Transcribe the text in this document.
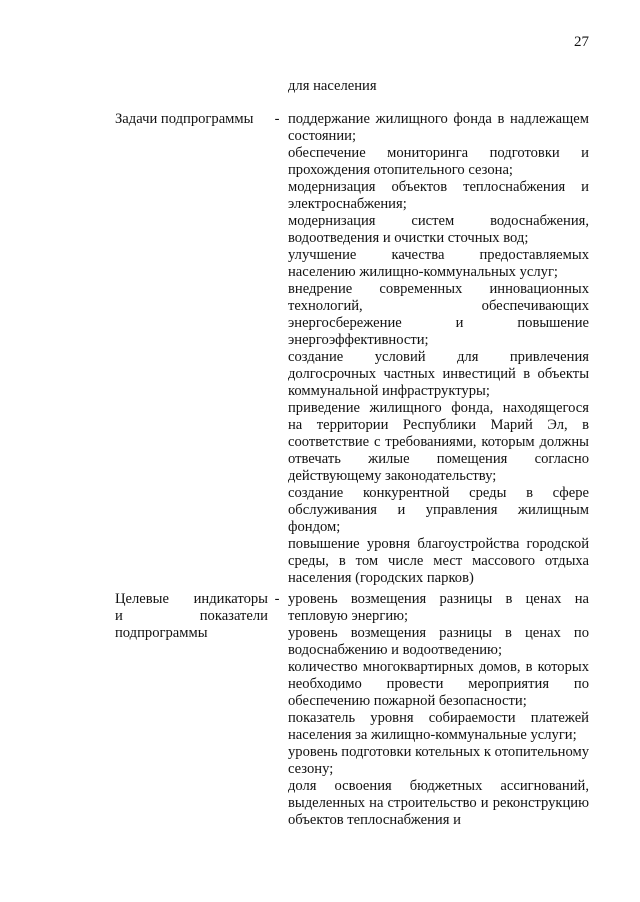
27
для населения
Задачи подпрограммы	- поддержание жилищного фонда в надлежащем состоянии;

обеспечение мониторинга подготовки и прохождения отопительного сезона;

модернизация объектов теплоснабжения и электроснабжения;

модернизация систем водоснабжения, водоотведения и очистки сточных вод;

улучшение качества предоставляемых населению жилищно-коммунальных услуг;

внедрение современных инновационных технологий, обеспечивающих энергосбережение и повышение энергоэффективности;

создание условий для привлечения долгосрочных частных инвестиций в объекты коммунальной инфраструктуры;

приведение жилищного фонда, находящегося на территории Республики Марий Эл, в соответствие с требованиями, которым должны отвечать жилые помещения согласно действующему законодательству;

создание конкурентной среды в сфере обслуживания и управления жилищным фондом;

повышение уровня благоустройства городской среды, в том числе мест массового отдыха населения (городских парков)

Целевые индикаторы

и показатели

подпрограммы

- уровень возмещения разницы в ценах на тепловую энергию;

уровень возмещения разницы в ценах по водоснабжению и водоотведению;

количество многоквартирных домов, в которых необходимо провести мероприятия по обеспечению пожарной безопасности;

показатель уровня собираемости платежей населения за жилищно-коммунальные услуги;

уровень подготовки котельных к отопительному сезону;

доля освоения бюджетных ассигнований, выделенных на строительство и реконструкцию объектов теплоснабжения и
